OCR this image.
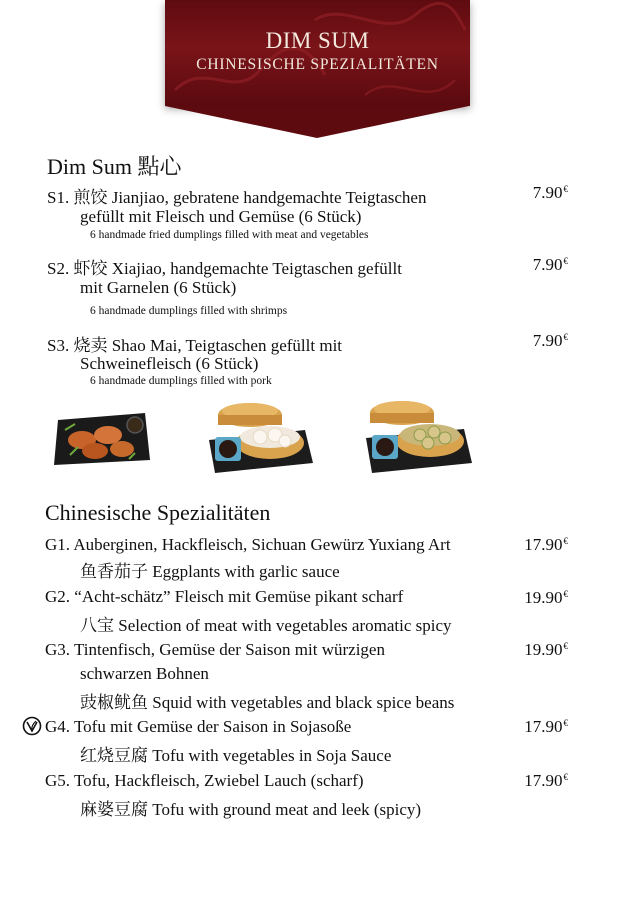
DIM SUM
CHINESISCHE SPEZIALITÄTEN
Dim Sum 點心
S1. 煎饺 Jianjiao, gebratene handgemachte Teigtaschen
gefüllt mit Fleisch und Gemüse (6 Stück)
6 handmade fried dumplings filled with meat and vegetables
7.90€
S2. 虾饺 Xiajiao, handgemachte Teigtaschen gefüllt
mit Garnelen (6 Stück)
6 handmade dumplings filled with shrimps
7.90€
S3. 烧卖 Shao Mai, Teigtaschen gefüllt mit
Schweinefleisch (6 Stück)
6 handmade dumplings filled with pork
7.90€
Chinesische Spezialitäten
G1. Auberginen, Hackfleisch, Sichuan Gewürz Yuxiang Art
鱼香茄子 Eggplants with garlic sauce
17.90€
G2. “Acht-schätz” Fleisch mit Gemüse pikant scharf
八宝 Selection of meat with vegetables aromatic spicy
19.90€
G3. Tintenfisch, Gemüse der Saison mit würzigen
schwarzen Bohnen
豉椒鱿鱼 Squid with vegetables and black spice beans
19.90€
G4. Tofu mit Gemüse der Saison in Sojasoße
红烧豆腐 Tofu with vegetables in Soja Sauce
17.90€
G5. Tofu, Hackfleisch, Zwiebel Lauch (scharf)
麻婆豆腐 Tofu with ground meat and leek (spicy)
17.90€
